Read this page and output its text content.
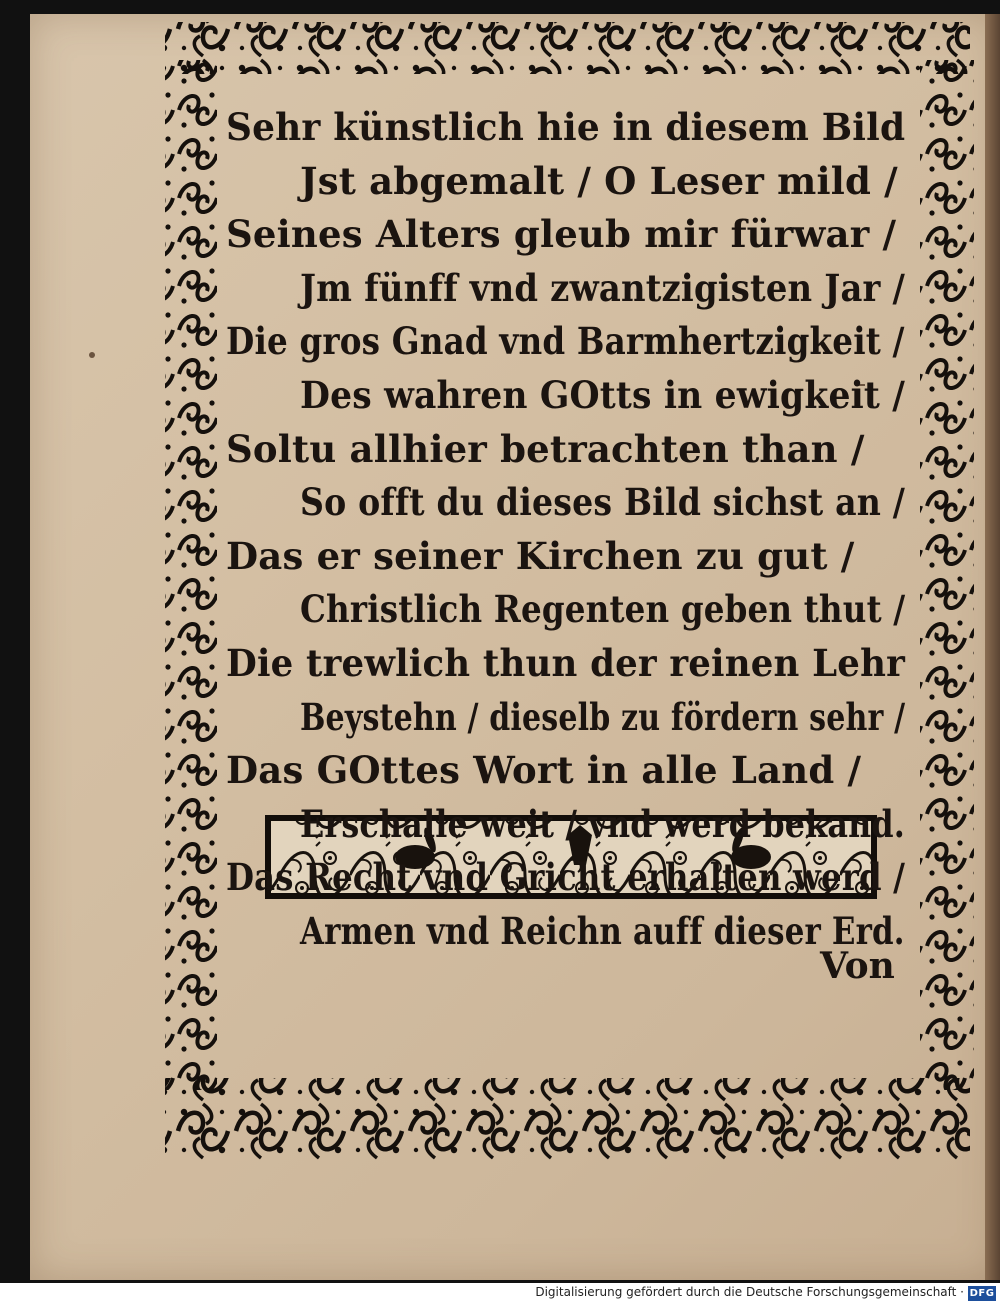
Sehr künstlich hie in diesem Bild
Jst abgemalt / O Leser mild /
Seines Alters gleub mir fürwar /
Jm fünff vnd zwantzigisten Jar /
Die gros Gnad vnd Barmhertzigkeit /
Des wahren GOtts in ewigkeit /
Soltu allhier betrachten than /
So offt du dieses Bild sichst an /
Das er seiner Kirchen zu gut /
Christlich Regenten geben thut /
Die trewlich thun der reinen Lehr
Beystehn / dieselb zu fördern sehr /
Das GOttes Wort in alle Land /
Erschalle weit / vnd werd bekand.
Das Recht vnd Gricht erhalten werd /
Armen vnd Reichn auff dieser Erd.
Von
Digitalisierung gefördert durch die Deutsche Forschungsgemeinschaft · DFG
